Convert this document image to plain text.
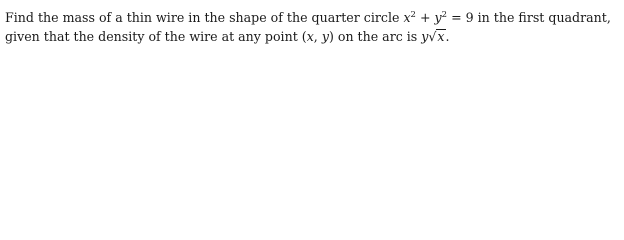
Find the mass of a thin wire in the shape of the quarter circle $x^2 + y^2 = 9$ in the first quadrant,
given that the density of the wire at any point (x, y) on the arc is y√x.
